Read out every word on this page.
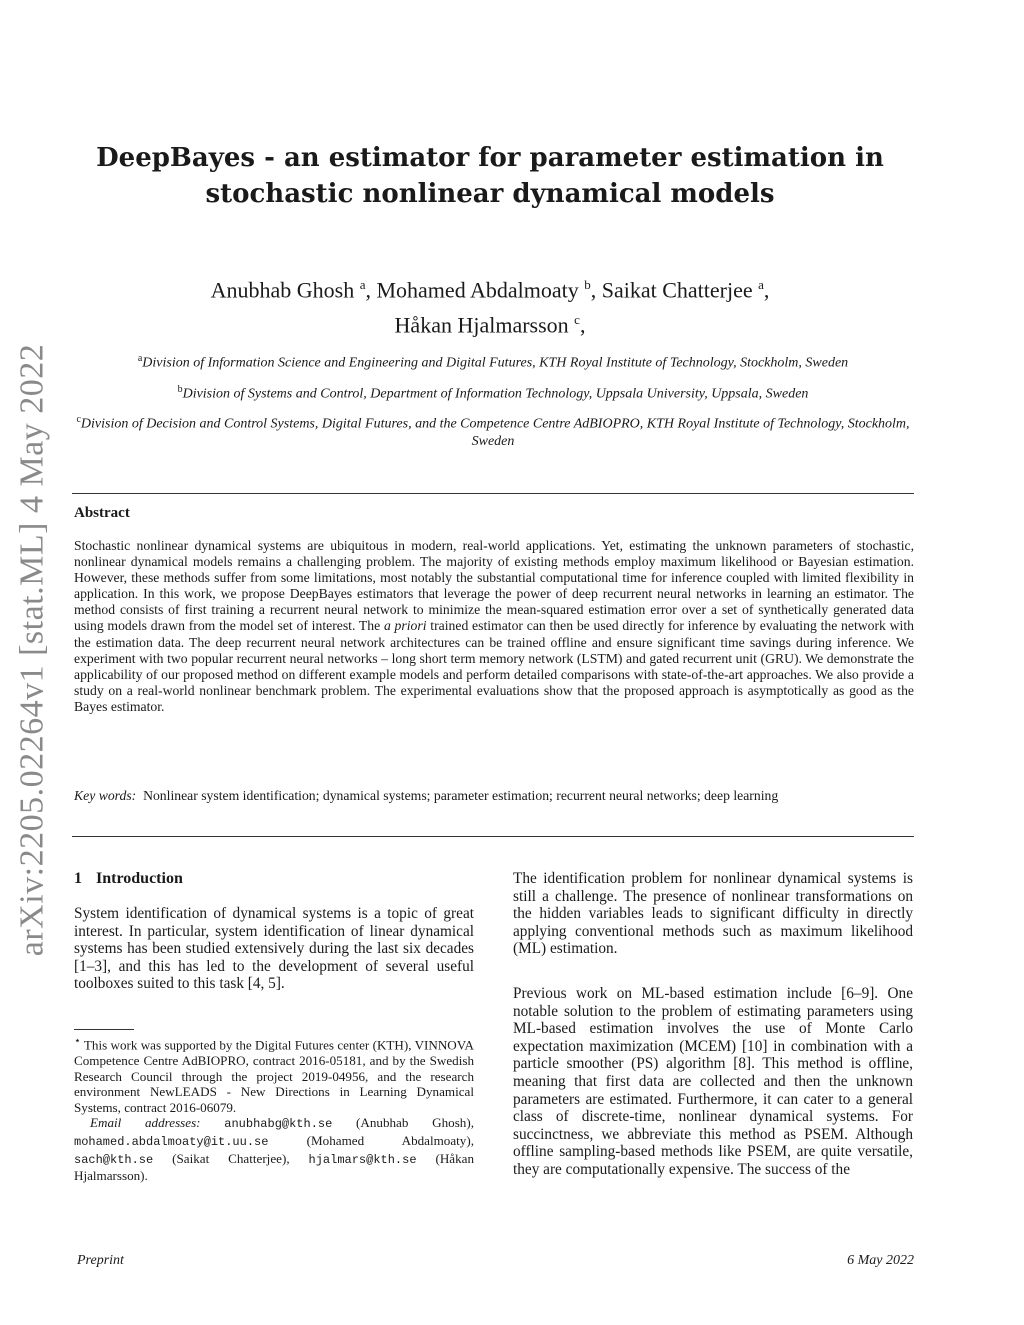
arXiv:2205.02264v1 [stat.ML] 4 May 2022
DeepBayes - an estimator for parameter estimation in
stochastic nonlinear dynamical models
Anubhab Ghosh $^a$, Mohamed Abdalmoaty $^b$, Saikat Chatterjee $^a$,
Håkan Hjalmarsson $^c$,
$^a$Division of Information Science and Engineering and Digital Futures, KTH Royal Institute of Technology, Stockholm, Sweden
$^b$Division of Systems and Control, Department of Information Technology, Uppsala University, Uppsala, Sweden
$^c$Division of Decision and Control Systems, Digital Futures, and the Competence Centre AdBIOPRO, KTH Royal Institute of Technology, Stockholm, Sweden
Abstract
Stochastic nonlinear dynamical systems are ubiquitous in modern, real-world applications. Yet, estimating the unknown parameters of stochastic, nonlinear dynamical models remains a challenging problem. The majority of existing methods employ maximum likelihood or Bayesian estimation. However, these methods suffer from some limitations, most notably the substantial computational time for inference coupled with limited flexibility in application. In this work, we propose DeepBayes estimators that leverage the power of deep recurrent neural networks in learning an estimator. The method consists of first training a recurrent neural network to minimize the mean-squared estimation error over a set of synthetically generated data using models drawn from the model set of interest. The a priori trained estimator can then be used directly for inference by evaluating the network with the estimation data. The deep recurrent neural network architectures can be trained offline and ensure significant time savings during inference. We experiment with two popular recurrent neural networks – long short term memory network (LSTM) and gated recurrent unit (GRU). We demonstrate the applicability of our proposed method on different example models and perform detailed comparisons with state-of-the-art approaches. We also provide a study on a real-world nonlinear benchmark problem. The experimental evaluations show that the proposed approach is asymptotically as good as the Bayes estimator.
Key words: Nonlinear system identification; dynamical systems; parameter estimation; recurrent neural networks; deep learning
1 Introduction
System identification of dynamical systems is a topic of great interest. In particular, system identification of linear dynamical systems has been studied extensively during the last six decades [1–3], and this has led to the development of several useful toolboxes suited to this task [4, 5].
⋆ This work was supported by the Digital Futures center (KTH), VINNOVA Competence Centre AdBIOPRO, contract 2016-05181, and by the Swedish Research Council through the project 2019-04956, and the research environment NewLEADS - New Directions in Learning Dynamical Systems, contract 2016-06079.
Email addresses: anubhabg@kth.se (Anubhab Ghosh), mohamed.abdalmoaty@it.uu.se	(Mohamed Abdalmoaty), sach@kth.se (Saikat Chatterjee), hjalmars@kth.se (Håkan Hjalmarsson).
The identification problem for nonlinear dynamical systems is still a challenge. The presence of nonlinear transformations on the hidden variables leads to significant difficulty in directly applying conventional methods such as maximum likelihood (ML) estimation.
Previous work on ML-based estimation include [6–9]. One notable solution to the problem of estimating parameters using ML-based estimation involves the use of Monte Carlo expectation maximization (MCEM) [10] in combination with a particle smoother (PS) algorithm [8]. This method is offline, meaning that first data are collected and then the unknown parameters are estimated. Furthermore, it can cater to a general class of discrete-time, nonlinear dynamical systems. For succinctness, we abbreviate this method as PSEM. Although offline sampling-based methods like PSEM, are quite versatile, they are computationally expensive. The success of the
Preprint	6 May 2022
